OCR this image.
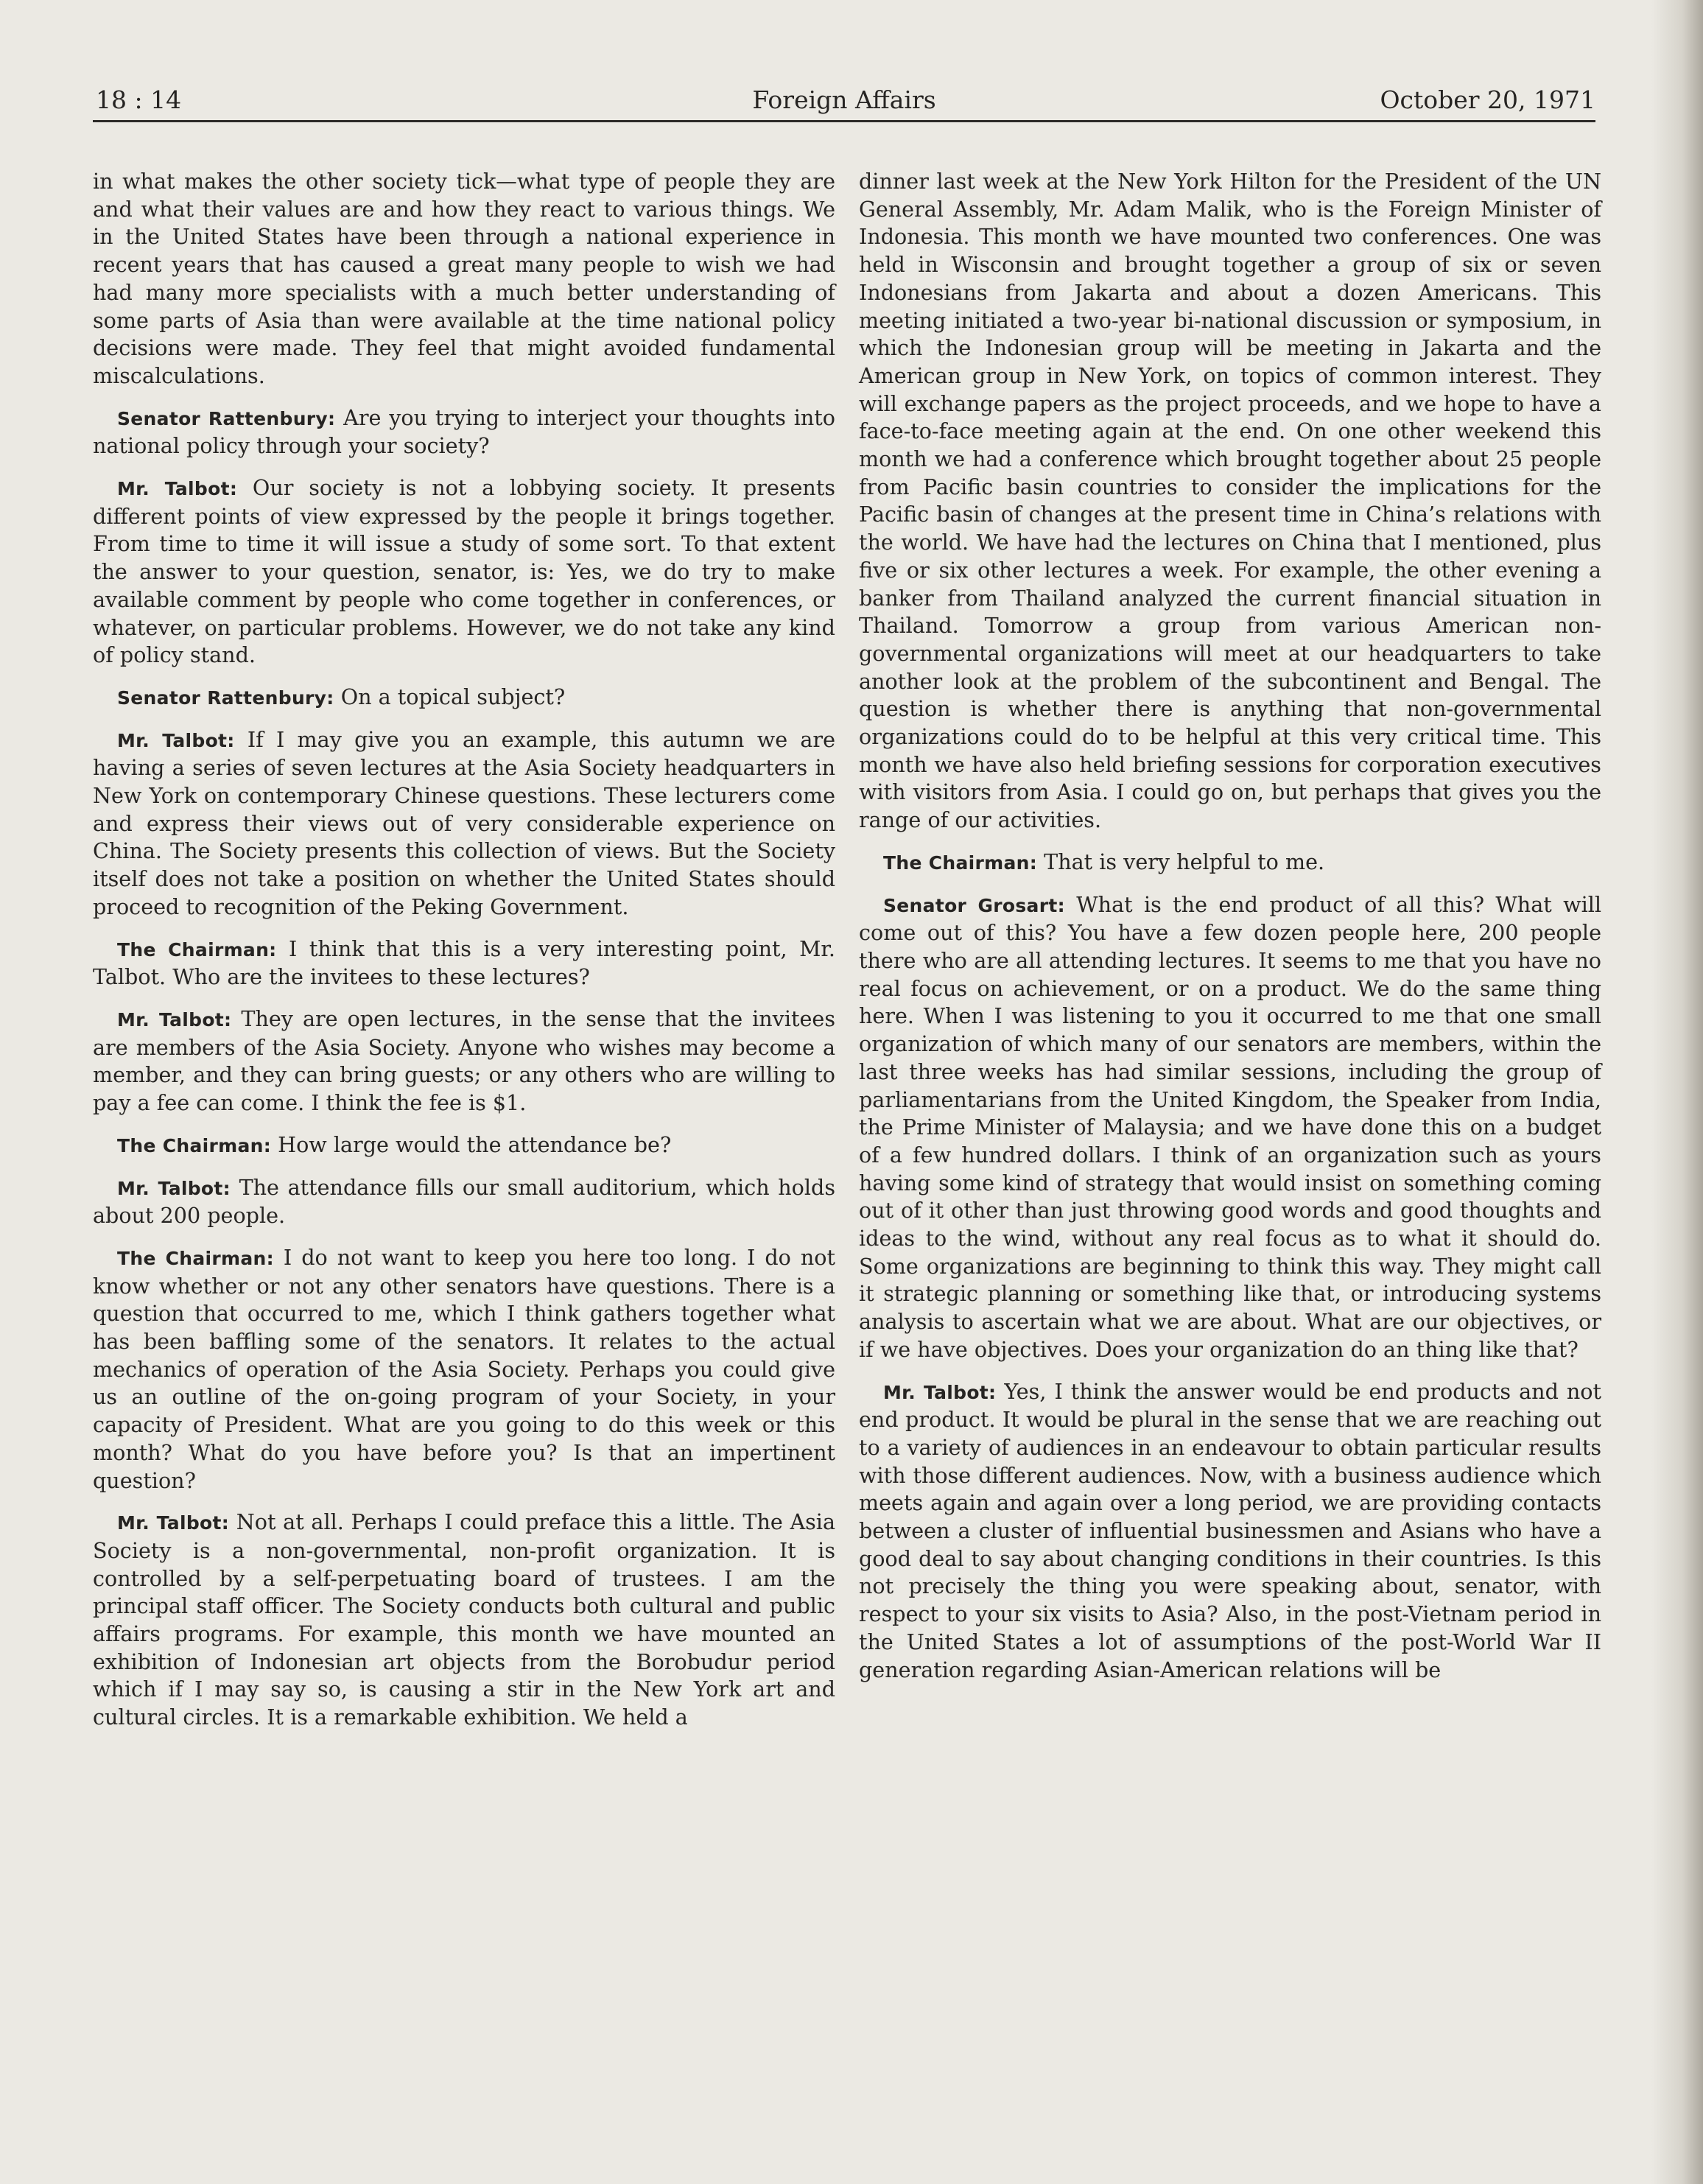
18 : 14	Foreign Affairs	October 20, 1971

in what makes the other society tick—what type of people they are and what their values are and how they react to various things. We in the United States have been through a national experience in recent years that has caused a great many people to wish we had had many more specialists with a much better understanding of some parts of Asia than were available at the time national policy decisions were made. They feel that might avoided fundamental miscalculations.

Senator Rattenbury: Are you trying to interject your thoughts into national policy through your society?

Mr. Talbot: Our society is not a lobbying society. It presents different points of view expressed by the people it brings together. From time to time it will issue a study of some sort. To that extent the answer to your question, senator, is: Yes, we do try to make available comment by people who come together in conferences, or whatever, on particular problems. However, we do not take any kind of policy stand.

Senator Rattenbury: On a topical subject?

Mr. Talbot: If I may give you an example, this autumn we are having a series of seven lectures at the Asia Society headquarters in New York on contemporary Chinese questions. These lecturers come and express their views out of very considerable experience on China. The Society presents this collection of views. But the Society itself does not take a position on whether the United States should proceed to recognition of the Peking Government.

The Chairman: I think that this is a very interesting point, Mr. Talbot. Who are the invitees to these lectures?

Mr. Talbot: They are open lectures, in the sense that the invitees are members of the Asia Society. Anyone who wishes may become a member, and they can bring guests; or any others who are willing to pay a fee can come. I think the fee is $1.

The Chairman: How large would the attendance be?

Mr. Talbot: The attendance fills our small auditorium, which holds about 200 people.

The Chairman: I do not want to keep you here too long. I do not know whether or not any other senators have questions. There is a question that occurred to me, which I think gathers together what has been baffling some of the senators. It relates to the actual mechanics of operation of the Asia Society. Perhaps you could give us an outline of the on-going program of your Society, in your capacity of President. What are you going to do this week or this month? What do you have before you? Is that an impertinent question?

Mr. Talbot: Not at all. Perhaps I could preface this a little. The Asia Society is a non-governmental, non-profit organization. It is controlled by a self-perpetuating board of trustees. I am the principal staff officer. The Society conducts both cultural and public affairs programs. For example, this month we have mounted an exhibition of Indonesian art objects from the Borobudur period which if I may say so, is causing a stir in the New York art and cultural circles. It is a remarkable exhibition. We held a

dinner last week at the New York Hilton for the President of the UN General Assembly, Mr. Adam Malik, who is the Foreign Minister of Indonesia. This month we have mounted two conferences. One was held in Wisconsin and brought together a group of six or seven Indonesians from Jakarta and about a dozen Americans. This meeting initiated a two-year bi-national discussion or symposium, in which the Indonesian group will be meeting in Jakarta and the American group in New York, on topics of common interest. They will exchange papers as the project proceeds, and we hope to have a face-to-face meeting again at the end. On one other weekend this month we had a conference which brought together about 25 people from Pacific basin countries to consider the implications for the Pacific basin of changes at the present time in China’s relations with the world. We have had the lectures on China that I mentioned, plus five or six other lectures a week. For example, the other evening a banker from Thailand analyzed the current financial situation in Thailand. Tomorrow a group from various American non-governmental organizations will meet at our headquarters to take another look at the problem of the subcontinent and Bengal. The question is whether there is anything that non-governmental organizations could do to be helpful at this very critical time. This month we have also held briefing sessions for corporation executives with visitors from Asia. I could go on, but perhaps that gives you the range of our activities.

The Chairman: That is very helpful to me.

Senator Grosart: What is the end product of all this? What will come out of this? You have a few dozen people here, 200 people there who are all attending lectures. It seems to me that you have no real focus on achievement, or on a product. We do the same thing here. When I was listening to you it occurred to me that one small organization of which many of our senators are members, within the last three weeks has had similar sessions, including the group of parliamentarians from the United Kingdom, the Speaker from India, the Prime Minister of Malaysia; and we have done this on a budget of a few hundred dollars. I think of an organization such as yours having some kind of strategy that would insist on something coming out of it other than just throwing good words and good thoughts and ideas to the wind, without any real focus as to what it should do. Some organizations are beginning to think this way. They might call it strategic planning or something like that, or introducing systems analysis to ascertain what we are about. What are our objectives, or if we have objectives. Does your organization do an thing like that?

Mr. Talbot: Yes, I think the answer would be end products and not end product. It would be plural in the sense that we are reaching out to a variety of audiences in an endeavour to obtain particular results with those different audiences. Now, with a business audience which meets again and again over a long period, we are providing contacts between a cluster of influential businessmen and Asians who have a good deal to say about changing conditions in their countries. Is this not precisely the thing you were speaking about, senator, with respect to your six visits to Asia? Also, in the post-Vietnam period in the United States a lot of assumptions of the post-World War II generation regarding Asian-American relations will be
